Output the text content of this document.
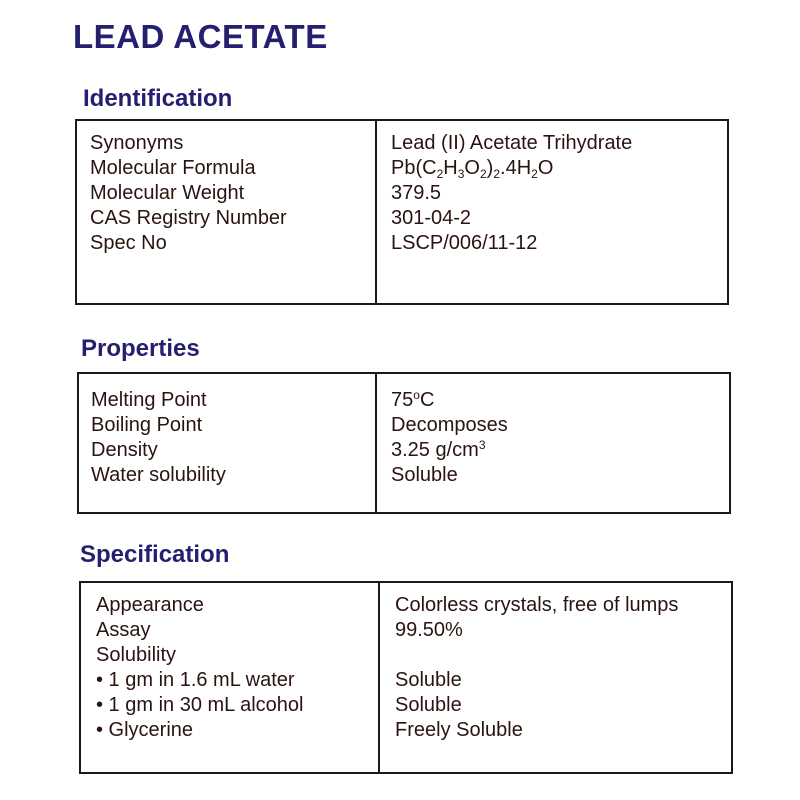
LEAD ACETATE
Identification
Synonyms
Molecular Formula
Molecular Weight
CAS Registry Number
Spec No
Lead (II) Acetate Trihydrate
$Pb(C_2H_3O_2)_2.4H_2O$
379.5
301-04-2
LSCP/006/11-12
Properties
Melting Point
Boiling Point
Density
Water solubility
75$^o$C
Decomposes
3.25 $g/cm^3$
Soluble
Specification
Appearance
Assay
Solubility
• 1 gm in 1.6 mL water
• 1 gm in 30 mL alcohol
• Glycerine
Colorless crystals, free of lumps
99.50%
Soluble
Soluble
Freely Soluble
